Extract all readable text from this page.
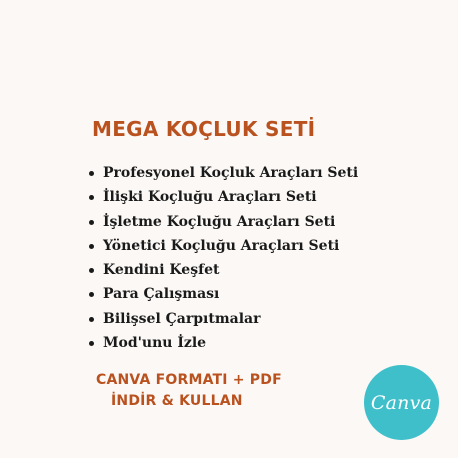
MEGA KOÇLUK SETİ
Profesyonel Koçluk Araçları Seti
İlişki Koçluğu Araçları Seti
İşletme Koçluğu Araçları Seti
Yönetici Koçluğu Araçları Seti
Kendini Keşfet
Para Çalışması
Bilişsel Çarpıtmalar
Mod'unu İzle
CANVA FORMATI + PDF
İNDİR & KULLAN	Canva
